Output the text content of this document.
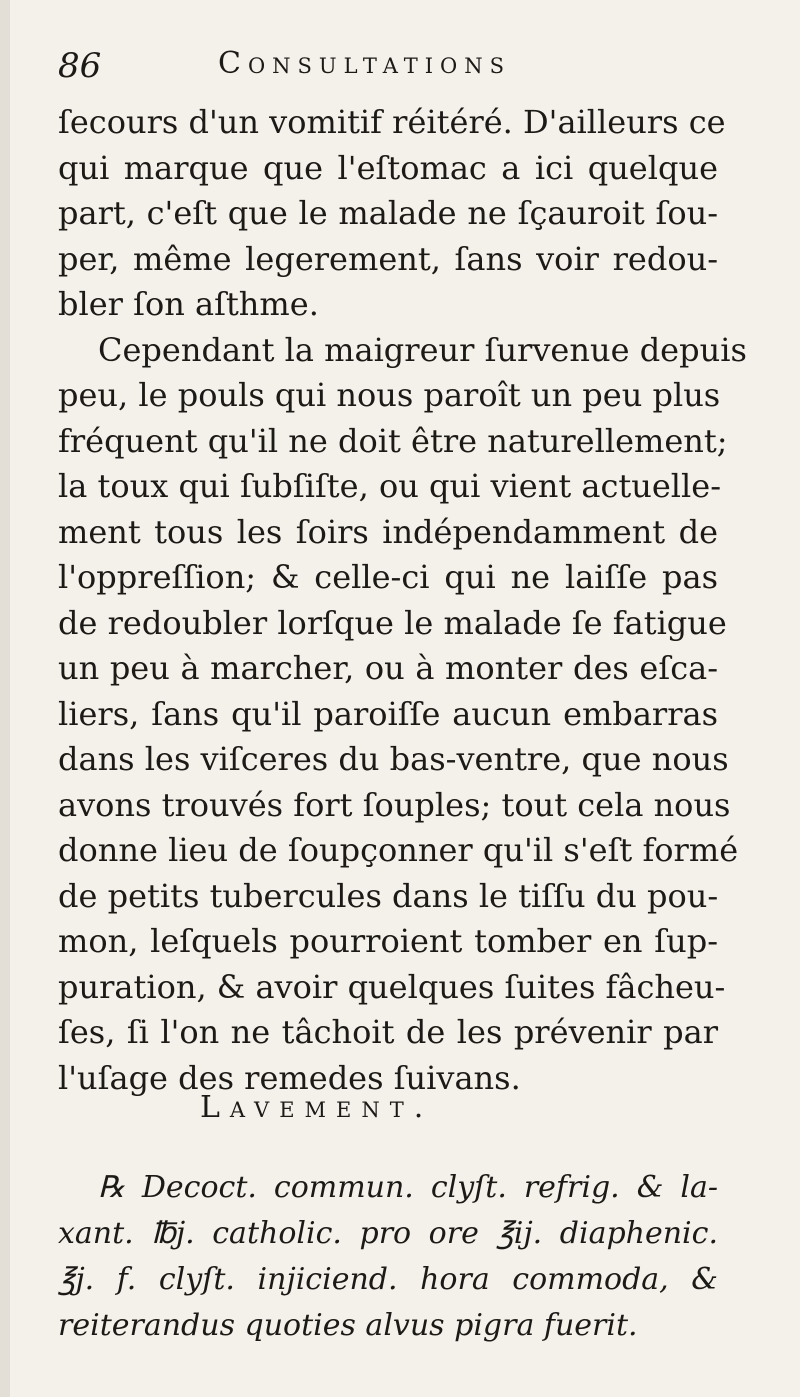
86	Consultations
ſecours d'un vomitif réitéré. D'ailleurs ce
qui marque que l'eſtomac a ici quelque
part, c'eſt que le malade ne ſçauroit ſou-
per, même legerement, ſans voir redou-
bler ſon aſthme.
Cependant la maigreur ſurvenue depuis
peu, le pouls qui nous paroît un peu plus
fréquent qu'il ne doit être naturellement;
la toux qui ſubſiſte, ou qui vient actuelle-
ment tous les ſoirs indépendamment de
l'oppreſſion; & celle-ci qui ne laiſſe pas
de redoubler lorſque le malade ſe fatigue
un peu à marcher, ou à monter des eſca-
liers, ſans qu'il paroiſſe aucun embarras
dans les viſceres du bas-ventre, que nous
avons trouvés fort ſouples; tout cela nous
donne lieu de ſoupçonner qu'il s'eſt formé
de petits tubercules dans le tiſſu du pou-
mon, leſquels pourroient tomber en ſup-
puration, & avoir quelques ſuites fâcheu-
ſes, ſi l'on ne tâchoit de les prévenir par
l'uſage des remedes ſuivans.
Lavement.
℞ Decoct. commun. clyſt. refrig. & la-
xant. ℔j. catholic. pro ore ℥ij. diaphenic.
℥j. f. clyſt. injiciend. hora commoda, &
reiterandus quoties alvus pigra fuerit.
